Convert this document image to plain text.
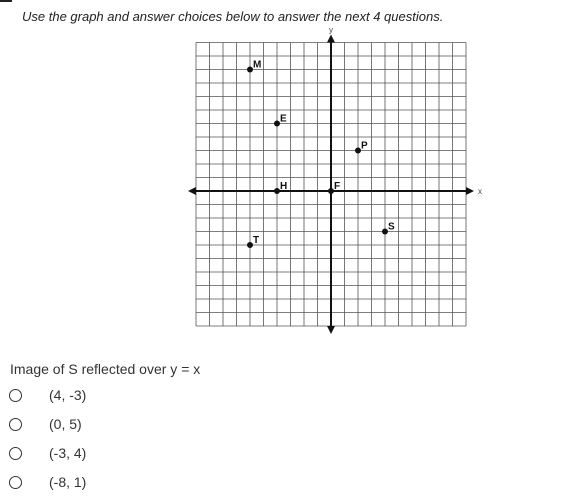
Use the graph and answer choices below to answer the next 4 questions.
x
y
M
E
P
H	F
S
T
Image of S reflected over y = x
(4, -3)
(0, 5)
(-3, 4)
(-8, 1)
